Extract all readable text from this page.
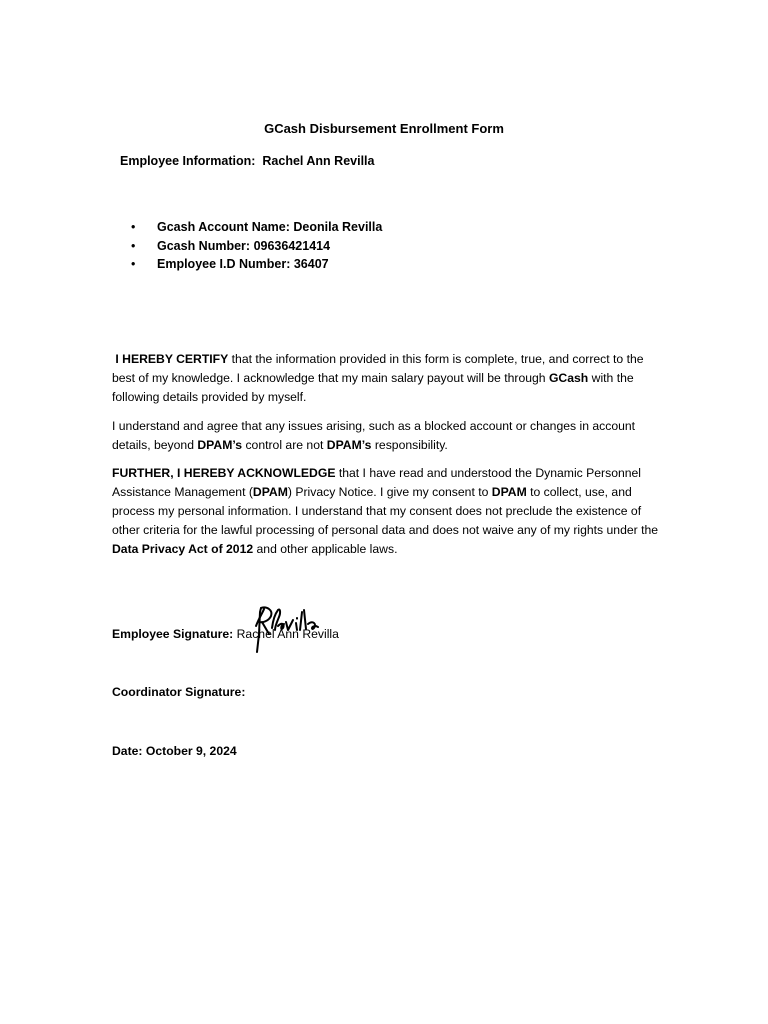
GCash Disbursement Enrollment Form
Employee Information: Rachel Ann Revilla
• Gcash Account Name: Deonila Revilla
• Gcash Number: 09636421414
• Employee I.D Number: 36407
I HEREBY CERTIFY that the information provided in this form is complete, true, and correct to the best of my knowledge. I acknowledge that my main salary payout will be through GCash with the following details provided by myself.
I understand and agree that any issues arising, such as a blocked account or changes in account details, beyond DPAM’s control are not DPAM’s responsibility.
FURTHER, I HEREBY ACKNOWLEDGE that I have read and understood the Dynamic Personnel Assistance Management (DPAM) Privacy Notice. I give my consent to DPAM to collect, use, and process my personal information. I understand that my consent does not preclude the existence of other criteria for the lawful processing of personal data and does not waive any of my rights under the Data Privacy Act of 2012 and other applicable laws.
Employee Signature: Rachel Ann Revilla
Coordinator Signature:
Date: October 9, 2024
